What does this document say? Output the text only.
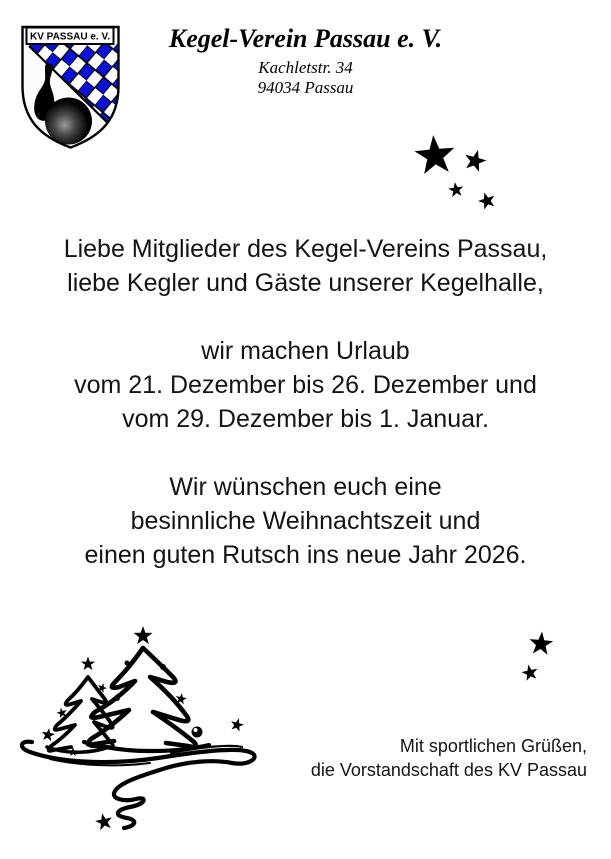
KV PASSAU e. V.	Kegel-Verein Passau e. V.
Kachletstr. 34
94034 Passau
Liebe Mitglieder des Kegel-Vereins Passau,
liebe Kegler und Gäste unserer Kegelhalle,
wir machen Urlaub
vom 21. Dezember bis 26. Dezember und
vom 29. Dezember bis 1. Januar.
Wir wünschen euch eine
besinnliche Weihnachtszeit und
einen guten Rutsch ins neue Jahr 2026.
Mit sportlichen Grüßen,
die Vorstandschaft des KV Passau
